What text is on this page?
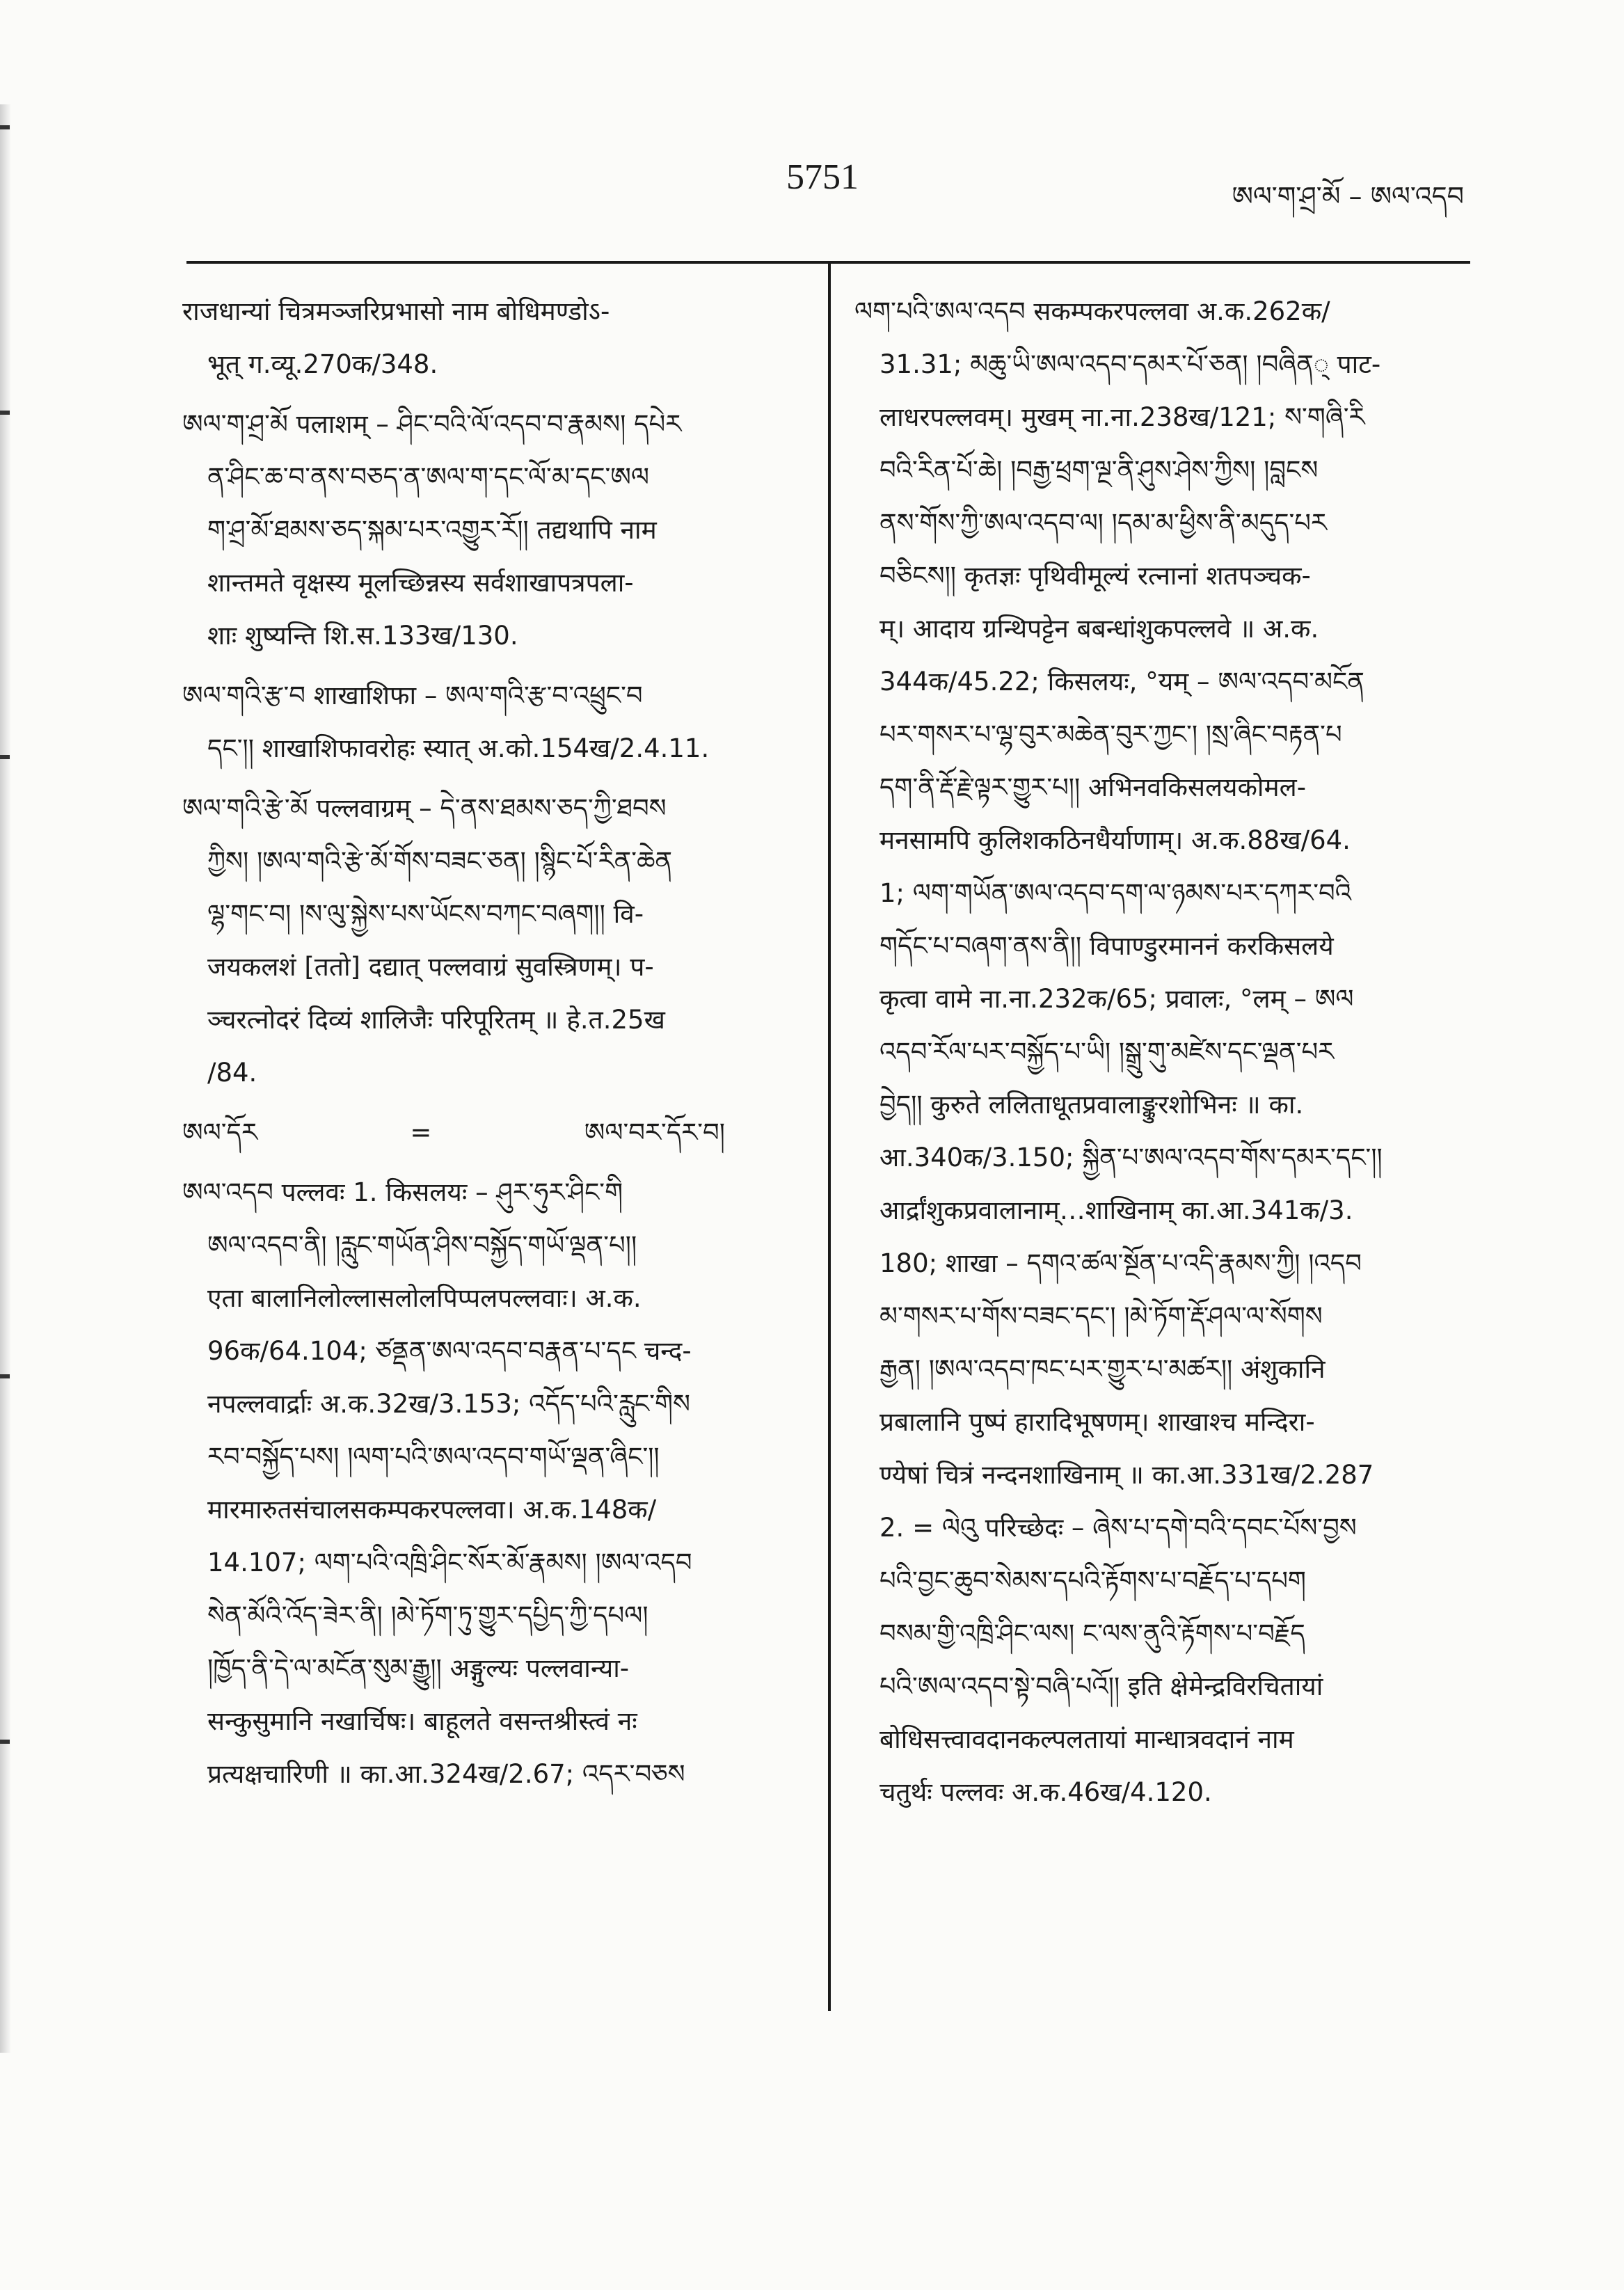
5751	ཨལ་ག་ཤྲ་མོ – ཨལ་འདབ
राजधान्यां चित्रमञ्जरिप्रभासो नाम बोधिमण्डोऽ-
भूत् ग.व्यू.270क/348.
ཨལ་ག་ཤྲ་མོ पलाशम् – ཤིང་བའི་ལོ་འདབ་བ་རྣམས། དཔེར
ན་ཤིང་ཆ་བ་ནས་བཅད་ན་ཨལ་ག་དང་ལོ་མ་དང་ཨལ
ག་ཤྲ་མོ་ཐམས་ཅད་སྐམ་པར་འགྱུར་རོ།། तद्यथापि नाम
शान्तमते वृक्षस्य मूलच्छिन्नस्य सर्वशाखापत्रपला-
शाः शुष्यन्ति शि.स.133ख/130.
ཨལ་གའི་རྩ་བ शाखाशिफा – ཨལ་གའི་རྩ་བ་འཕྲུང་བ
དང་།། शाखाशिफावरोहः स्यात् अ.को.154ख/2.4.11.
ཨལ་གའི་རྩེ་མོ पल्लवाग्रम् – དེ་ནས་ཐམས་ཅད་ཀྱི་ཐབས
ཀྱིས། །ཨལ་གའི་རྩེ་མོ་གོས་བཟང་ཅན། །སྙིང་པོ་རིན་ཆེན
ལྷ་གང་བ། །ས་ལུ་སྐྱེས་པས་ཡོངས་བཀང་བཞག།། वि-
जयकलशं [ततो] दद्यात् पल्लवाग्रं सुवस्त्रिणम्। प-
ञ्चरत्नोदरं दिव्यं शालिजैः परिपूरितम् ॥ हे.त.25ख
/84.
ཨལ་དོར	=	ཨལ་བར་དོར་བ།
ཨལ་འདབ पल्लवः 1. किसलयः – ཤུར་ཧུར་ཤིང་གི
ཨལ་འདབ་ནི། །རླུང་གཡོན་ཤིས་བསྐྱོད་གཡོ་ལྡན་པ།།
एता बालानिलोल्लासलोलपिप्पलपल्लवाः। अ.क.
96क/64.104; ཙནྡན་ཨལ་འདབ་བརྣན་པ་དང चन्द-
नपल्लवार्द्राः अ.क.32ख/3.153; འདོད་པའི་རླུང་གིས
རབ་བསྐྱོད་པས། །ལག་པའི་ཨལ་འདབ་གཡོ་ལྡན་ཞིང་།།
मारमारुतसंचालसकम्पकरपल्लवा। अ.क.148क/
14.107; ལག་པའི་འཁྲི་ཤིང་སོར་མོ་རྣམས། །ཨལ་འདབ
སེན་མོའི་འོད་ཟེར་ནི། །མེ་ཏོག་ཏུ་གྱུར་དཔྱིད་ཀྱི་དཔལ།
།ཁྱོད་ནི་དེ་ལ་མངོན་སུམ་རྒྱུ།། अङ्गुल्यः पल्लवान्या-
सन्कुसुमानि नखार्चिषः। बाहूलते वसन्तश्रीस्त्वं नः
प्रत्यक्षचारिणी ॥ का.आ.324ख/2.67; འདར་བཅས
ལག་པའི་ཨལ་འདབ सकम्पकरपल्लवा अ.क.262क/
31.31; མཆུ་ཡི་ཨལ་འདབ་དམར་པོ་ཅན། །བཞིན् पाट-
लाधरपल्लवम्। मुखम् ना.ना.238ख/121; ས་གཞི་རི
བའི་རིན་པོ་ཆེ། །བརྒྱ་ཕྲག་ལྔ་ནི་ཤུས་ཤེས་ཀྱིས། །བླངས
ནས་གོས་ཀྱི་ཨལ་འདབ་ལ། །དམ་མ་ཕྱིས་ནི་མདུད་པར
བཅིངས།། कृतज्ञः पृथिवीमूल्यं रत्नानां शतपञ्चक-
म्। आदाय ग्रन्थिपट्टेन बबन्धांशुकपल्लवे ॥ अ.क.
344क/45.22; किसलयः, °यम् – ཨལ་འདབ་མངོན
པར་གསར་པ་ལྷ་བུར་མཆེན་བུར་ཀྱང་། །སྲ་ཞིང་བརྟན་པ
དག་ནི་རྡོ་རྗེ་ལྟར་གྱུར་པ།། अभिनवकिसलयकोमल-
मनसामपि कुलिशकठिनधैर्याणाम्। अ.क.88ख/64.
1; ལག་གཡོན་ཨལ་འདབ་དག་ལ་ཉམས་པར་དཀར་བའི
གདོང་པ་བཞག་ནས་ནི།། विपाण्डुरमाननं करकिसलये
कृत्वा वामे ना.ना.232क/65; प्रवालः, °लम् – ཨལ
འདབ་རོལ་པར་བསྐྱོད་པ་ཡི། །སྒྲུ་གུ་མཛེས་དང་ལྡན་པར
བྱེད།། कुरुते ललिताधूतप्रवालाङ्कुरशोभिनः ॥ का.
आ.340क/3.150; སྐྱིན་པ་ཨལ་འདབ་གོས་དམར་དང་།།
आर्द्रांशुकप्रवालानाम्…शाखिनाम् का.आ.341क/3.
180; शाखा – དགའ་ཚལ་སྔོན་པ་འདི་རྣམས་ཀྱི། །འདབ
མ་གསར་པ་གོས་བཟང་དང་། །མེ་ཏོག་རྡོ་ཤལ་ལ་སོགས
རྒྱན། །ཨལ་འདབ་ཁང་པར་གྱུར་པ་མཚར།། अंशुकानि
प्रबालानि पुष्पं हारादिभूषणम्। शाखाश्च मन्दिरा-
ण्येषां चित्रं नन्दनशाखिनाम् ॥ का.आ.331ख/2.287
2. = ལེའུ परिच्छेदः – ཞེས་པ་དགེ་བའི་དབང་པོས་བྱས
པའི་བྱང་ཆུབ་སེམས་དཔའི་རྟོགས་པ་བརྗོད་པ་དཔག
བསམ་གྱི་འཁྲི་ཤིང་ལས། ང་ལས་ནུའི་རྟོགས་པ་བརྗོད
པའི་ཨལ་འདབ་སྟེ་བཞི་པའོ།། इति क्षेमेन्द्रविरचितायां
बोधिसत्त्वावदानकल्पलतायां मान्धात्रवदानं नाम
चतुर्थः पल्लवः अ.क.46ख/4.120.
